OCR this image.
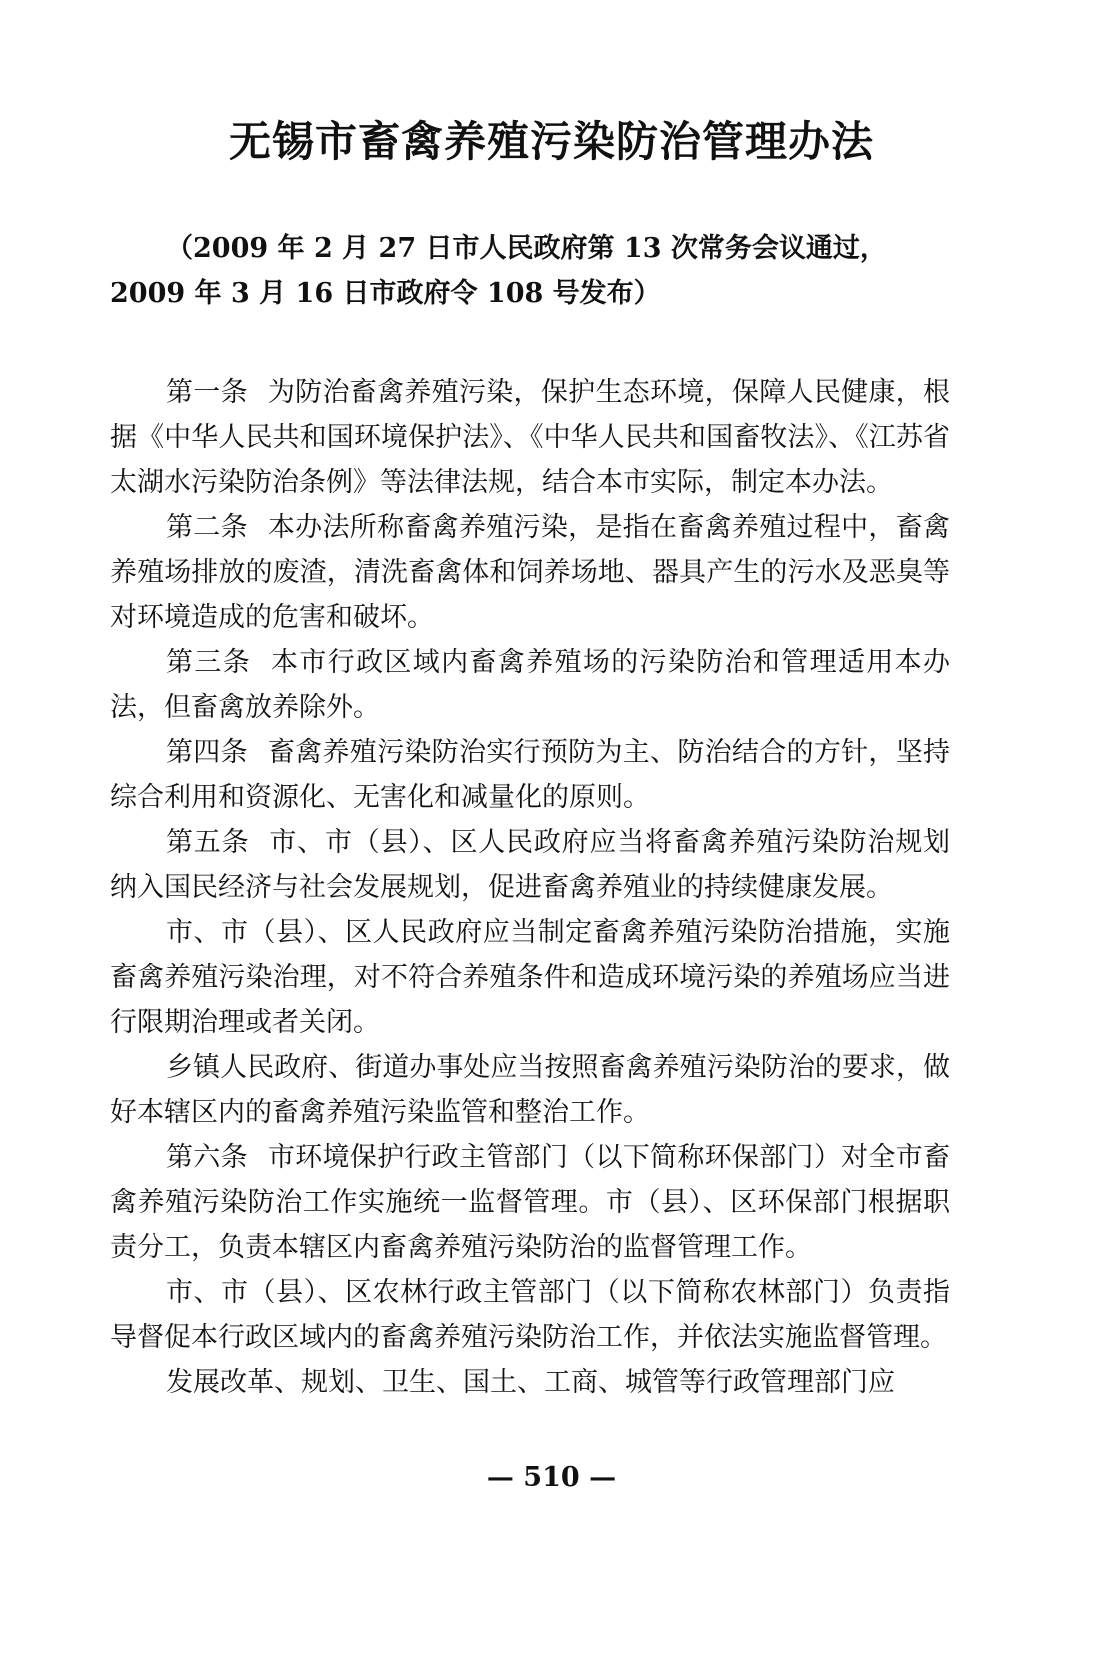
无锡市畜禽养殖污染防治管理办法

（2009 年 2 月 27 日市人民政府第 13 次常务会议通过，2009 年 3 月 16 日市政府令 108 号发布）

第一条 为防治畜禽养殖污染，保护生态环境，保障人民健康，根据《中华人民共和国环境保护法》、《中华人民共和国畜牧法》、《江苏省太湖水污染防治条例》等法律法规，结合本市实际，制定本办法。

第二条 本办法所称畜禽养殖污染，是指在畜禽养殖过程中，畜禽养殖场排放的废渣，清洗畜禽体和饲养场地、器具产生的污水及恶臭等对环境造成的危害和破坏。

第三条 本市行政区域内畜禽养殖场的污染防治和管理适用本办法，但畜禽放养除外。

第四条 畜禽养殖污染防治实行预防为主、防治结合的方针，坚持综合利用和资源化、无害化和减量化的原则。

第五条 市、市（县）、区人民政府应当将畜禽养殖污染防治规划纳入国民经济与社会发展规划，促进畜禽养殖业的持续健康发展。

市、市（县）、区人民政府应当制定畜禽养殖污染防治措施，实施畜禽养殖污染治理，对不符合养殖条件和造成环境污染的养殖场应当进行限期治理或者关闭。

乡镇人民政府、街道办事处应当按照畜禽养殖污染防治的要求，做好本辖区内的畜禽养殖污染监管和整治工作。

第六条 市环境保护行政主管部门（以下简称环保部门）对全市畜禽养殖污染防治工作实施统一监督管理。市（县）、区环保部门根据职责分工，负责本辖区内畜禽养殖污染防治的监督管理工作。

市、市（县）、区农林行政主管部门（以下简称农林部门）负责指导督促本行政区域内的畜禽养殖污染防治工作，并依法实施监督管理。

发展改革、规划、卫生、国土、工商、城管等行政管理部门应

— 510 —
